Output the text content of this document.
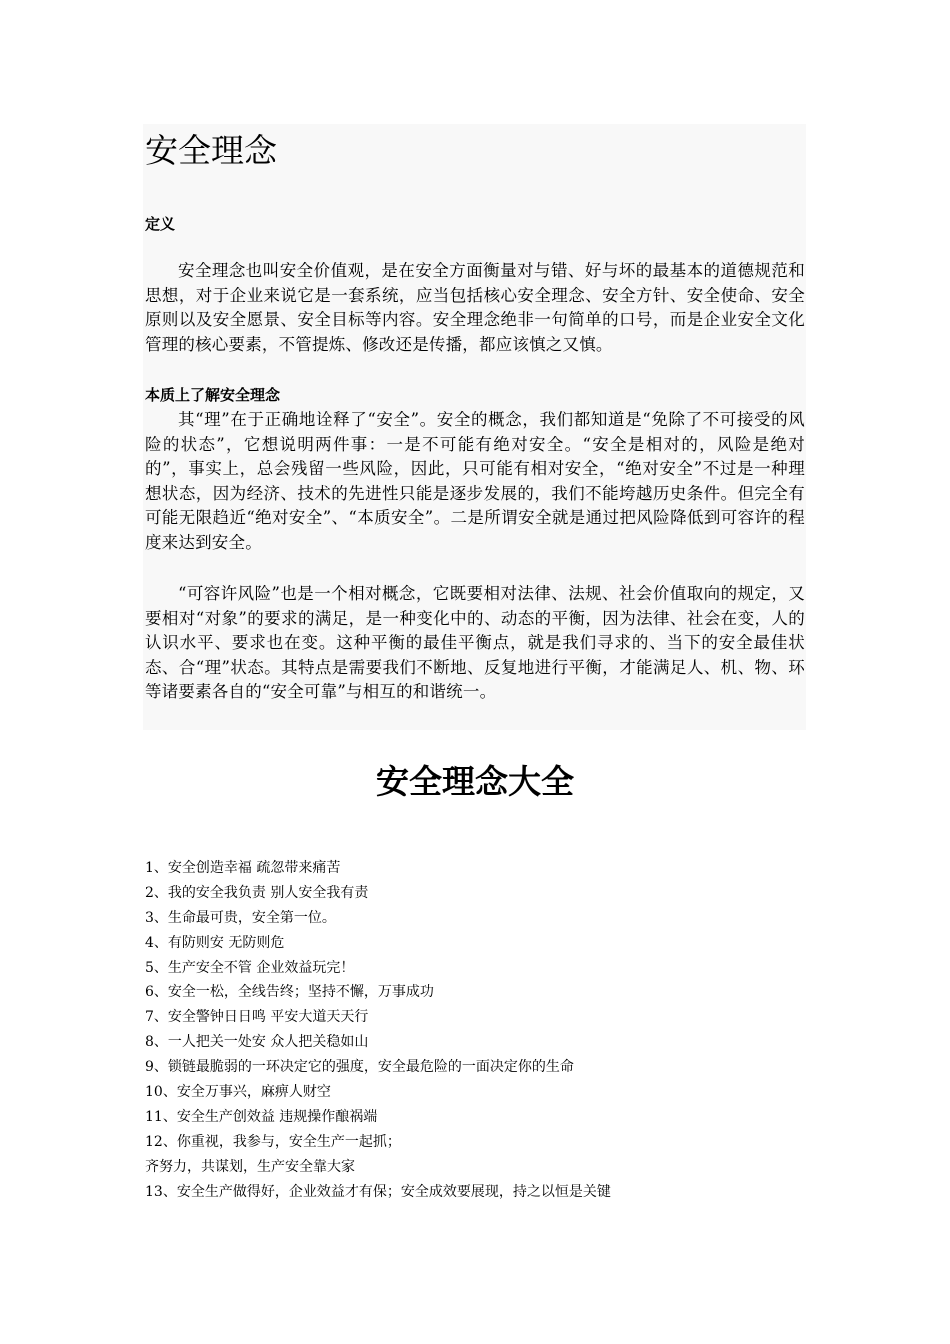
安全理念
定义

安全理念也叫安全价值观，是在安全方面衡量对与错、好与坏的最基本的道德规范和思想，对于企业来说它是一套系统，应当包括核心安全理念、安全方针、安全使命、安全原则以及安全愿景、安全目标等内容。安全理念绝非一句简单的口号，而是企业安全文化管理的核心要素，不管提炼、修改还是传播，都应该慎之又慎。

本质上了解安全理念

其“理”在于正确地诠释了“安全”。安全的概念，我们都知道是“免除了不可接受的风险的状态”，它想说明两件事：一是不可能有绝对安全。“安全是相对的，风险是绝对的”，事实上，总会残留一些风险，因此，只可能有相对安全，“绝对安全”不过是一种理想状态，因为经济、技术的先进性只能是逐步发展的，我们不能垮越历史条件。但完全有可能无限趋近“绝对安全”、“本质安全”。二是所谓安全就是通过把风险降低到可容许的程度来达到安全。

“可容许风险”也是一个相对概念，它既要相对法律、法规、社会价值取向的规定，又要相对“对象”的要求的满足，是一种变化中的、动态的平衡，因为法律、社会在变，人的认识水平、要求也在变。这种平衡的最佳平衡点，就是我们寻求的、当下的安全最佳状态、合“理”状态。其特点是需要我们不断地、反复地进行平衡，才能满足人、机、物、环等诸要素各自的“安全可靠”与相互的和谐统一。

安全理念大全
1、安全创造幸福 疏忽带来痛苦
2、我的安全我负责 别人安全我有责
3、生命最可贵，安全第一位。
4、有防则安 无防则危
5、生产安全不管 企业效益玩完！
6、安全一松，全线告终；坚持不懈，万事成功
7、安全警钟日日鸣 平安大道天天行
8、一人把关一处安 众人把关稳如山
9、锁链最脆弱的一环决定它的强度，安全最危险的一面决定你的生命
10、安全万事兴，麻痹人财空
11、安全生产创效益 违规操作酿祸端
12、你重视，我参与，安全生产一起抓；
齐努力，共谋划，生产安全靠大家
13、安全生产做得好，企业效益才有保；安全成效要展现，持之以恒是关键
